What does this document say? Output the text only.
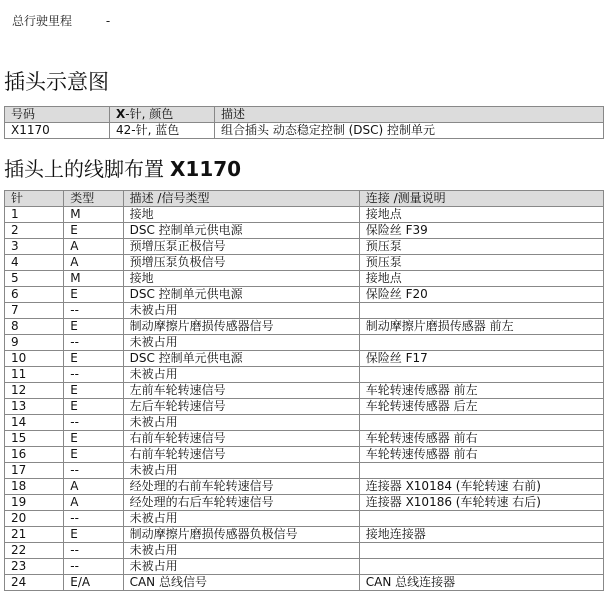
总行驶里程	-
插头示意图
号码	X-针, 颜色	描述
X1170	42-针, 蓝色	组合插头 动态稳定控制 (DSC) 控制单元
插头上的线脚布置 X1170
针	类型	描述 /信号类型	连接 /测量说明
1	M	接地	接地点
2	E	DSC 控制单元供电源	保险丝 F39
3	A	预增压泵正极信号	预压泵
4	A	预增压泵负极信号	预压泵
5	M	接地	接地点
6	E	DSC 控制单元供电源	保险丝 F20
7	--	未被占用	
8	E	制动摩擦片磨损传感器信号	制动摩擦片磨损传感器 前左
9	--	未被占用	
10	E	DSC 控制单元供电源	保险丝 F17
11	--	未被占用	
12	E	左前车轮转速信号	车轮转速传感器 前左
13	E	左后车轮转速信号	车轮转速传感器 后左
14	--	未被占用	
15	E	右前车轮转速信号	车轮转速传感器 前右
16	E	右前车轮转速信号	车轮转速传感器 前右
17	--	未被占用	
18	A	经处理的右前车轮转速信号	连接器 X10184 (车轮转速 右前)
19	A	经处理的右后车轮转速信号	连接器 X10186 (车轮转速 右后)
20	--	未被占用	
21	E	制动摩擦片磨损传感器负极信号	接地连接器
22	--	未被占用	
23	--	未被占用	
24	E/A	CAN 总线信号	CAN 总线连接器
